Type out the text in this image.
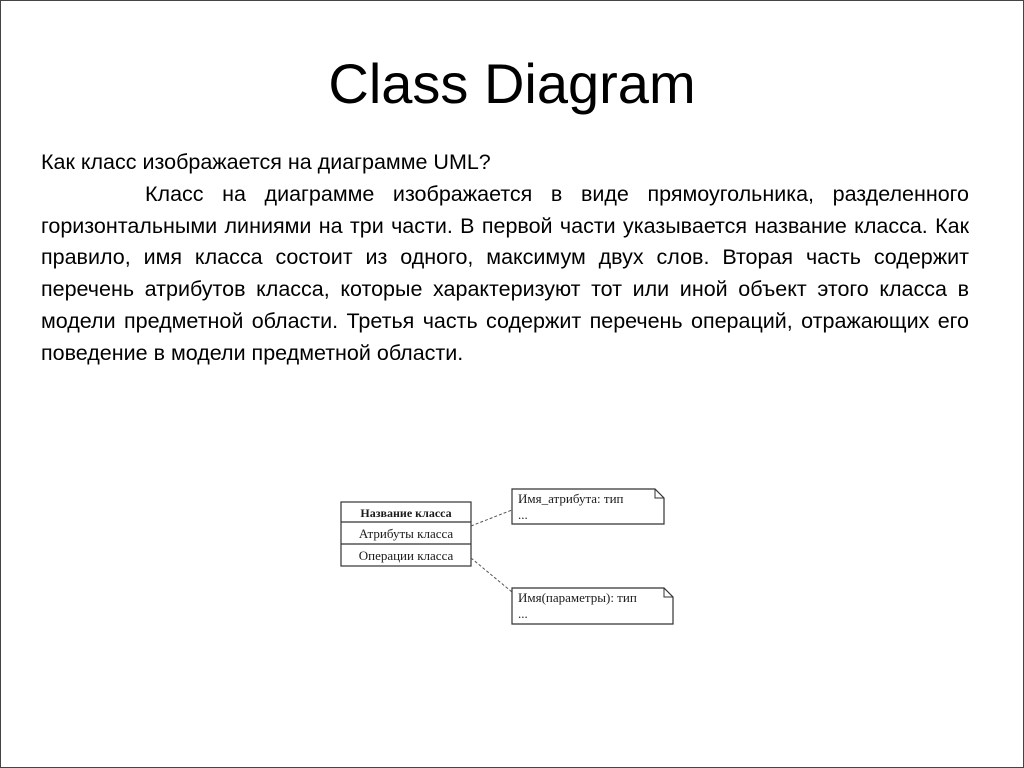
Class Diagram

Как класс изображается на диаграмме UML?

Класс на диаграмме изображается в виде прямоугольника, разделенного горизонтальными линиями на три части. В первой части указывается название класса. Как правило, имя класса состоит из одного, максимум двух слов. Вторая часть содержит перечень атрибутов класса, которые характеризуют тот или иной объект этого класса в модели предметной области. Третья часть содержит перечень операций, отражающих его поведение в модели предметной области.

Название класса
Атрибуты класса
Операции класса
Имя_атрибута: тип
...
Имя(параметры): тип
...
